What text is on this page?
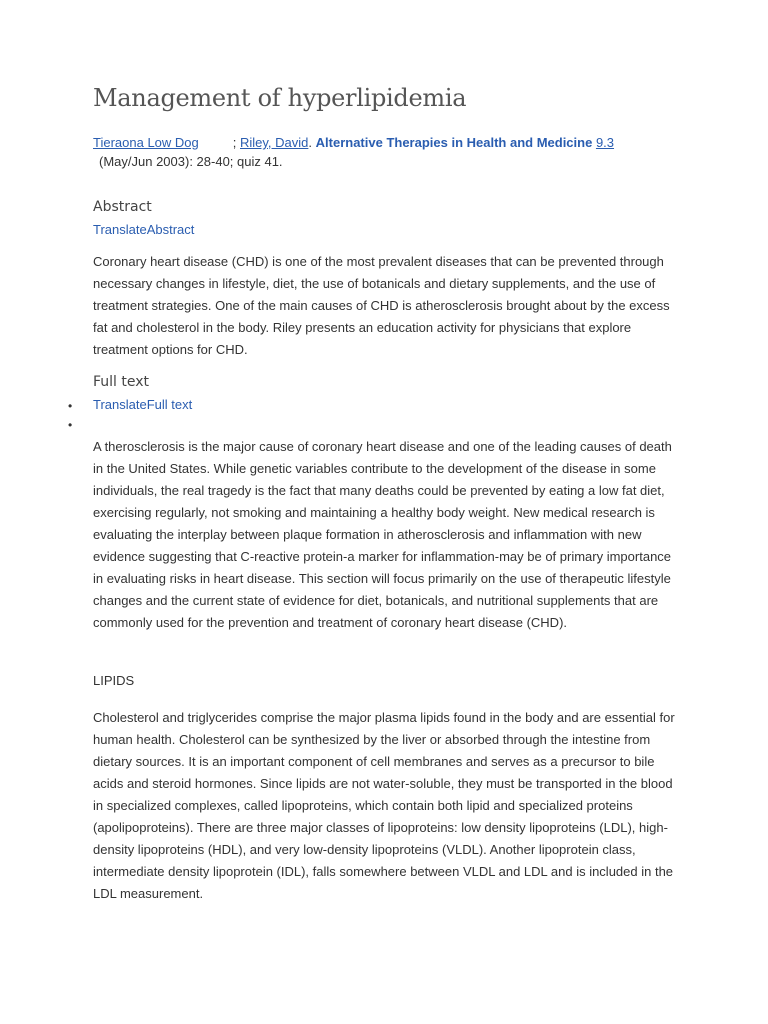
Management of hyperlipidemia
Tieraona Low Dog	; Riley, David. Alternative Therapies in Health and Medicine 9.3
(May/Jun 2003): 28-40; quiz 41.
Abstract
TranslateAbstract

Coronary heart disease (CHD) is one of the most prevalent diseases that can be prevented through necessary changes in lifestyle, diet, the use of botanicals and dietary supplements, and the use of treatment strategies. One of the main causes of CHD is atherosclerosis brought about by the excess fat and cholesterol in the body. Riley presents an education activity for physicians that explore treatment options for CHD.

Full text
• TranslateFull text
•

A therosclerosis is the major cause of coronary heart disease and one of the leading causes of death in the United States. While genetic variables contribute to the development of the disease in some individuals, the real tragedy is the fact that many deaths could be prevented by eating a low fat diet, exercising regularly, not smoking and maintaining a healthy body weight. New medical research is evaluating the interplay between plaque formation in atherosclerosis and inflammation with new evidence suggesting that C-reactive protein-a marker for inflammation-may be of primary importance in evaluating risks in heart disease. This section will focus primarily on the use of therapeutic lifestyle changes and the current state of evidence for diet, botanicals, and nutritional supplements that are commonly used for the prevention and treatment of coronary heart disease (CHD).

LIPIDS

Cholesterol and triglycerides comprise the major plasma lipids found in the body and are essential for human health. Cholesterol can be synthesized by the liver or absorbed through the intestine from dietary sources. It is an important component of cell membranes and serves as a precursor to bile acids and steroid hormones. Since lipids are not water-soluble, they must be transported in the blood in specialized complexes, called lipoproteins, which contain both lipid and specialized proteins (apolipoproteins). There are three major classes of lipoproteins: low density lipoproteins (LDL), high-density lipoproteins (HDL), and very low-density lipoproteins (VLDL). Another lipoprotein class, intermediate density lipoprotein (IDL), falls somewhere between VLDL and LDL and is included in the LDL measurement.
